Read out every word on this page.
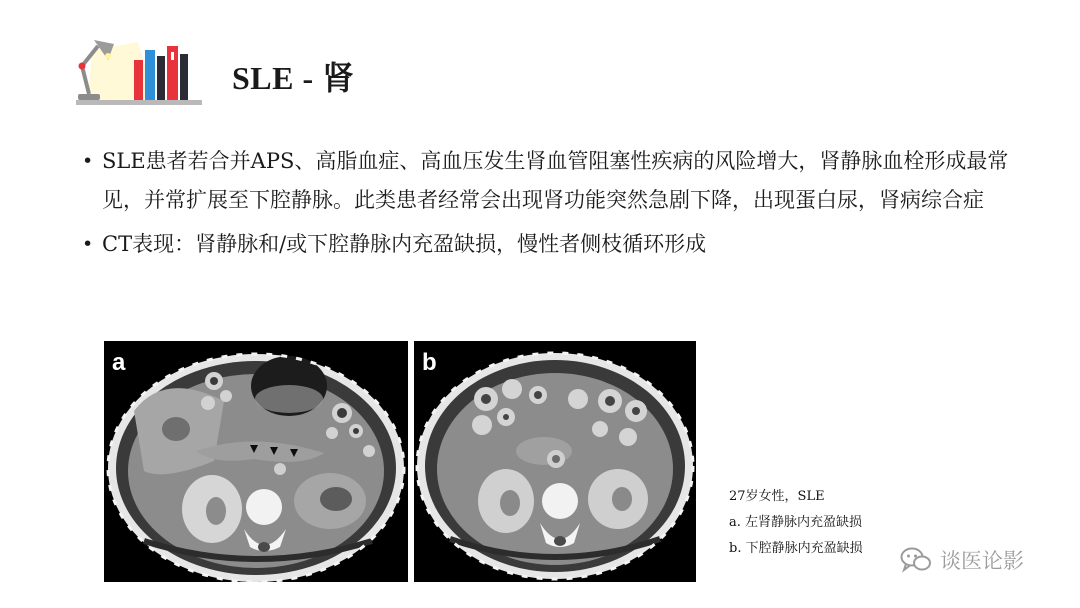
SLE - 肾
• SLE患者若合并APS、高脂血症、高血压发生肾血管阻塞性疾病的风险增大，肾静脉血栓形成最常见，并常扩展至下腔静脉。此类患者经常会出现肾功能突然急剧下降，出现蛋白尿，肾病综合症
• CT表现：肾静脉和/或下腔静脉内充盈缺损，慢性者侧枝循环形成
a	b
27岁女性，SLE
a. 左肾静脉内充盈缺损
b. 下腔静脉内充盈缺损
谈医论影
